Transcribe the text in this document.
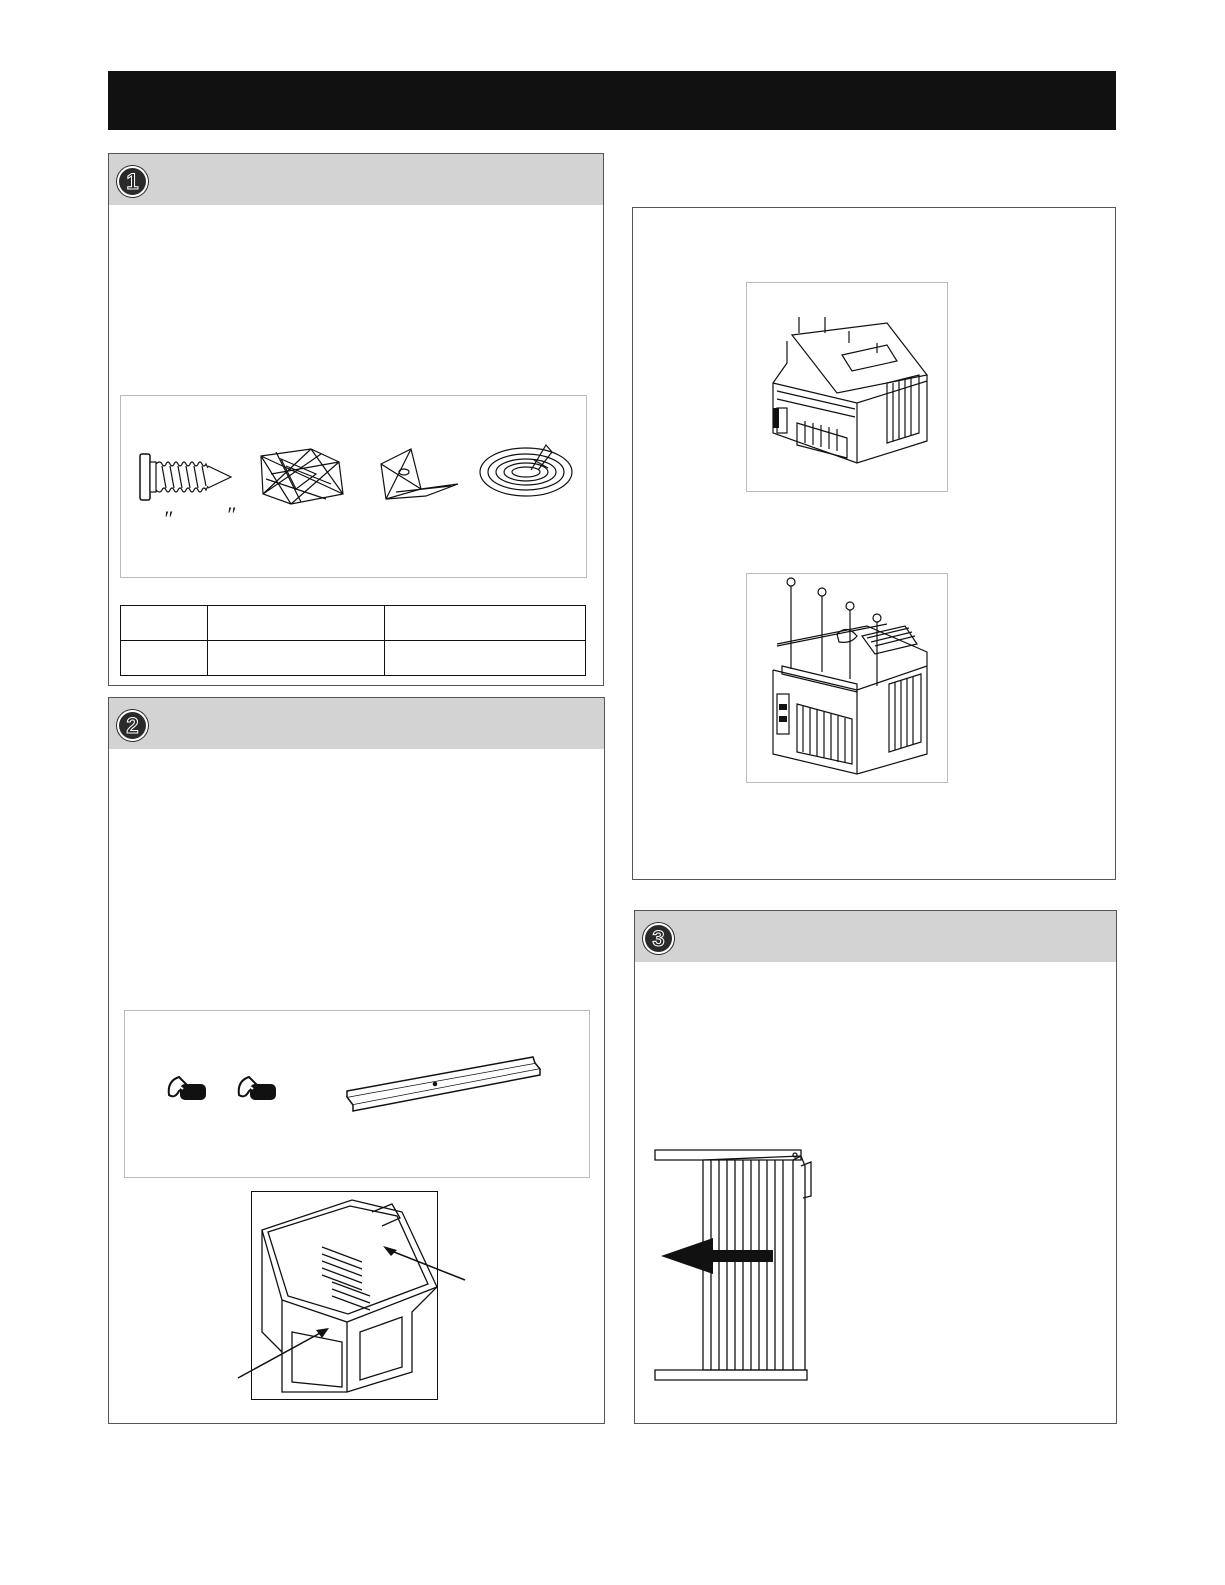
1
″ ″

2
3
